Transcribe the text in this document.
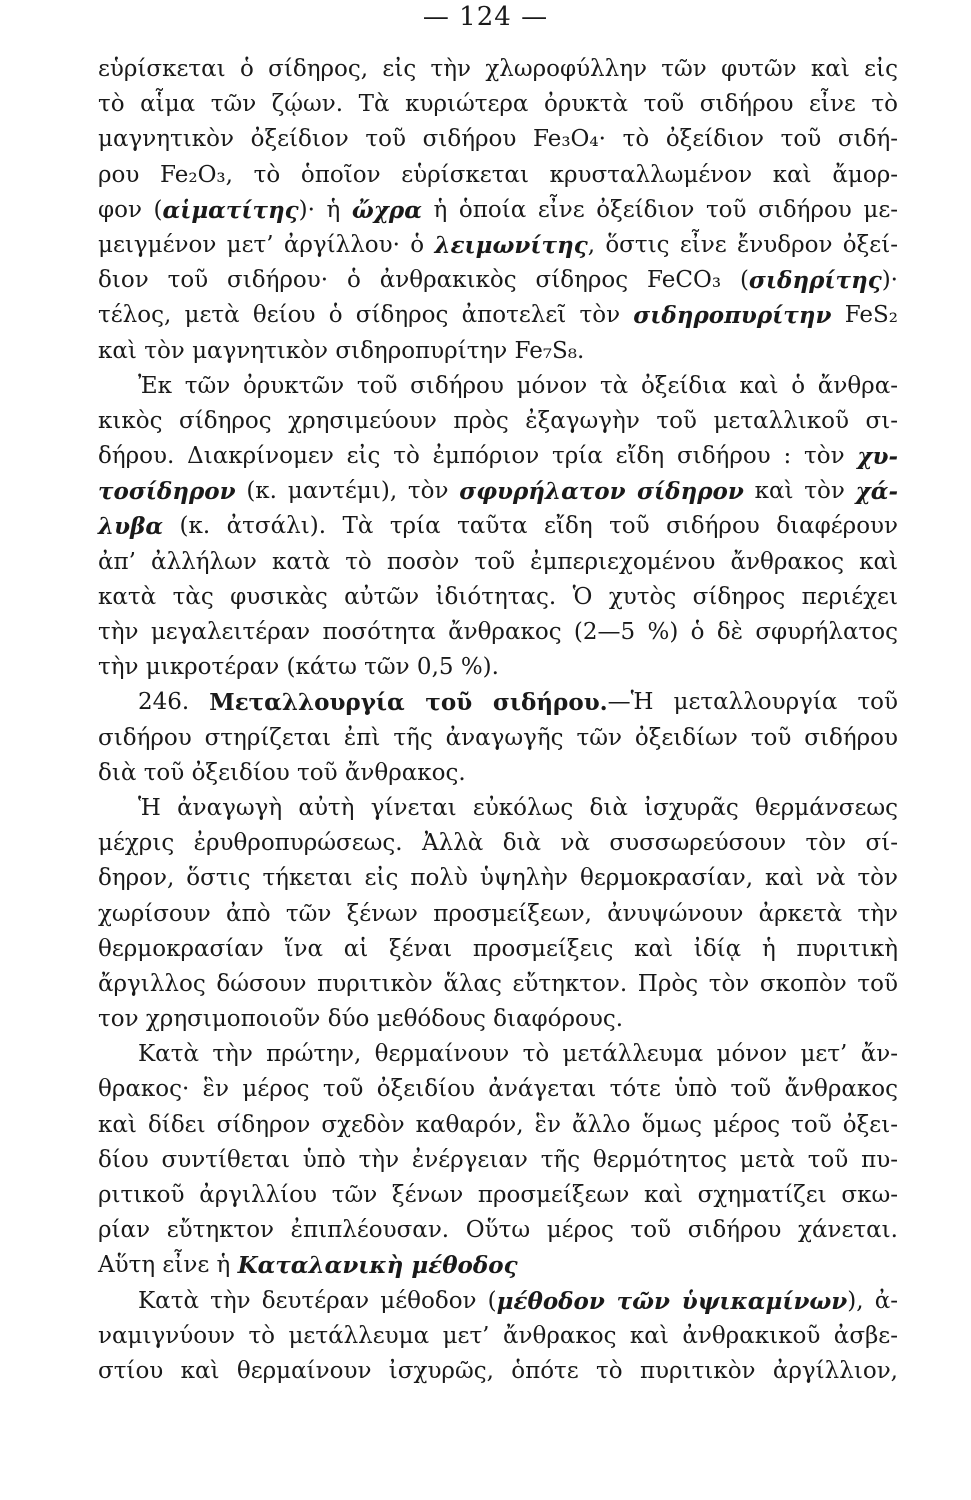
— 124 —
εὑρίσκεται ὁ σίδηρος, εἰς τὴν χλωροφύλλην τῶν φυτῶν καὶ εἰς
τὸ αἷμα τῶν ζῴων. Τὰ κυριώτερα ὀρυκτὰ τοῦ σιδήρου εἶνε τὸ
μαγνητικὸν ὀξείδιον τοῦ σιδήρου Fe₃O₄· τὸ ὀξείδιον τοῦ σιδή-
ρου Fe₂O₃, τὸ ὁποῖον εὑρίσκεται κρυσταλλωμένον καὶ ἄμορ-
φον ( αἱματίτης )· ἡ ὤχρα ἡ ὁποία εἶνε ὀξείδιον τοῦ σιδήρου με-
μειγμένον μετ’ ἀργίλλου· ὁ λειμωνίτης , ὅστις εἶνε ἔνυδρον ὀξεί-
διον τοῦ σιδήρου· ὁ ἀνθρακικὸς σίδηρος FeCO₃ ( σιδηρίτης )·
τέλος, μετὰ θείου ὁ σίδηρος ἀποτελεῖ τὸν σιδηροπυρίτην FeS₂
καὶ τὸν μαγνητικὸν σιδηροπυρίτην Fe₇S₈.
Ἐκ τῶν ὀρυκτῶν τοῦ σιδήρου μόνον τὰ ὀξείδια καὶ ὁ ἄνθρα-
κικὸς σίδηρος χρησιμεύουν πρὸς ἐξαγωγὴν τοῦ μεταλλικοῦ σι-
δήρου. Διακρίνομεν εἰς τὸ ἐμπόριον τρία εἴδη σιδήρου : τὸν χυ-
τοσίδηρον (κ. μαντέμι), τὸν σφυρήλατον σίδηρον καὶ τὸν χά-
λυβα (κ. ἀτσάλι). Τὰ τρία ταῦτα εἴδη τοῦ σιδήρου διαφέρουν
ἀπ’ ἀλλήλων κατὰ τὸ ποσὸν τοῦ ἐμπεριεχομένου ἄνθρακος καὶ
κατὰ τὰς φυσικὰς αὐτῶν ἰδιότητας. Ὁ χυτὸς σίδηρος περιέχει
τὴν μεγαλειτέραν ποσότητα ἄνθρακος (2—5 %) ὁ δὲ σφυρήλατος
τὴν μικροτέραν (κάτω τῶν 0,5 %).
246. Μεταλλουργία τοῦ σιδήρου. —Ἡ μεταλλουργία τοῦ
σιδήρου στηρίζεται ἐπὶ τῆς ἀναγωγῆς τῶν ὀξειδίων τοῦ σιδήρου
διὰ τοῦ ὀξειδίου τοῦ ἄνθρακος.
Ἡ ἀναγωγὴ αὐτὴ γίνεται εὐκόλως διὰ ἰσχυρᾶς θερμάνσεως
μέχρις ἐρυθροπυρώσεως. Ἀλλὰ διὰ νὰ συσσωρεύσουν τὸν σί-
δηρον, ὅστις τήκεται εἰς πολὺ ὑψηλὴν θερμοκρασίαν, καὶ νὰ τὸν
χωρίσουν ἀπὸ τῶν ξένων προσμείξεων, ἀνυψώνουν ἀρκετὰ τὴν
θερμοκρασίαν ἵνα αἱ ξέναι προσμείξεις καὶ ἰδίᾳ ἡ πυριτικὴ
ἄργιλλος δώσουν πυριτικὸν ἅλας εὔτηκτον. Πρὸς τὸν σκοπὸν τοῦ
τον χρησιμοποιοῦν δύο μεθόδους διαφόρους.
Κατὰ τὴν πρώτην, θερμαίνουν τὸ μετάλλευμα μόνον μετ’ ἄν-
θρακος· ἓν μέρος τοῦ ὀξειδίου ἀνάγεται τότε ὑπὸ τοῦ ἄνθρακος
καὶ δίδει σίδηρον σχεδὸν καθαρόν, ἓν ἄλλο ὅμως μέρος τοῦ ὀξει-
δίου συντίθεται ὑπὸ τὴν ἐνέργειαν τῆς θερμότητος μετὰ τοῦ πυ-
ριτικοῦ ἀργιλλίου τῶν ξένων προσμείξεων καὶ σχηματίζει σκω-
ρίαν εὔτηκτον ἐπιπλέουσαν. Οὕτω μέρος τοῦ σιδήρου χάνεται.
Αὕτη εἶνε ἡ Καταλανικὴ μέθοδος
Κατὰ τὴν δευτέραν μέθοδον ( μέθοδον τῶν ὑψικαμίνων ), ἀ-
ναμιγνύουν τὸ μετάλλευμα μετ’ ἄνθρακος καὶ ἀνθρακικοῦ ἀσβε-
στίου καὶ θερμαίνουν ἰσχυρῶς, ὁπότε τὸ πυριτικὸν ἀργίλλιον,
